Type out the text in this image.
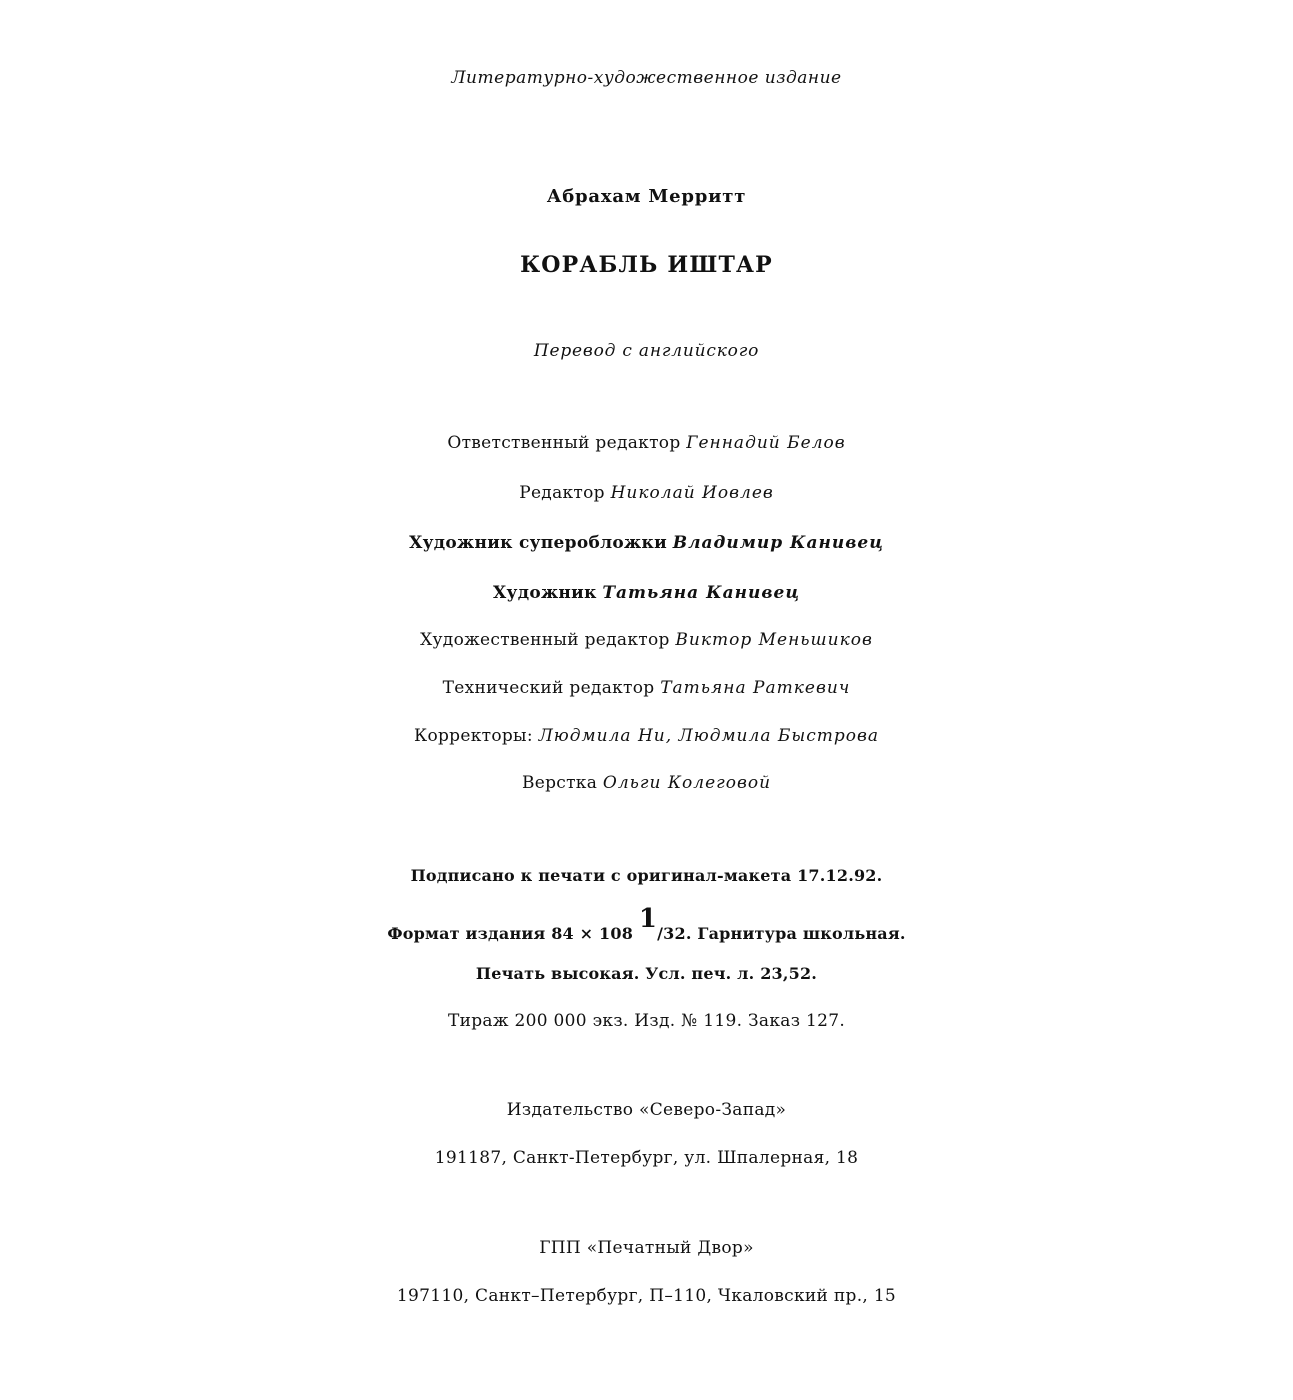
Литературно-художественное издание
Абрахам Мерритт
КОРАБЛЬ ИШТАР
Перевод с английского
Ответственный редактор Геннадий Белов
Редактор Николай Иовлев
Художник суперобложки Владимир Канивец
Художник Татьяна Канивец
Художественный редактор Виктор Меньшиков
Технический редактор Татьяна Раткевич
Корректоры: Людмила Ни, Людмила Быстрова
Верстка Ольги Колеговой
Подписано к печати с оригинал-макета 17.12.92.
Формат издания 84 × 108 1/32. Гарнитура школьная.
Печать высокая. Усл. печ. л. 23,52.
Тираж 200 000 экз. Изд. № 119. Заказ 127.
Издательство «Северо-Запад»
191187, Санкт-Петербург, ул. Шпалерная, 18
ГПП «Печатный Двор»
197110, Санкт–Петербург, П–110, Чкаловский пр., 15
